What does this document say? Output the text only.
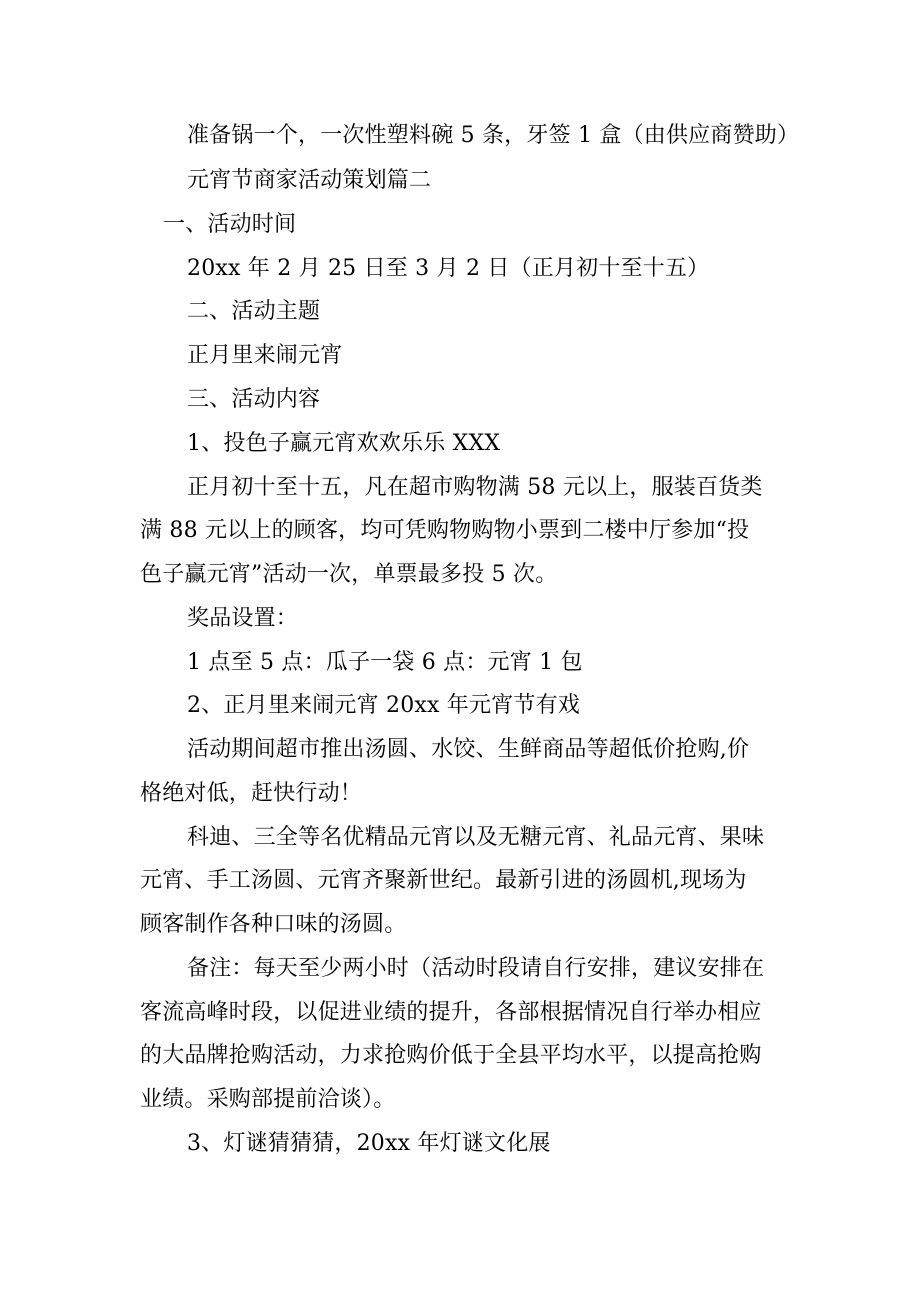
准备锅一个，一次性塑料碗 5 条，牙签 1 盒（由供应商赞助）
元宵节商家活动策划篇二
一、活动时间
20xx 年 2 月 25 日至 3 月 2 日（正月初十至十五）
二、活动主题
正月里来闹元宵
三、活动内容
1、投色子赢元宵欢欢乐乐 XXX
正月初十至十五，凡在超市购物满 58 元以上，服装百货类
满 88 元以上的顾客，均可凭购物购物小票到二楼中厅参加“投
色子赢元宵”活动一次，单票最多投 5 次。
奖品设置：
1 点至 5 点：瓜子一袋 6 点：元宵 1 包
2、正月里来闹元宵 20xx 年元宵节有戏
活动期间超市推出汤圆、水饺、生鲜商品等超低价抢购,价
格绝对低，赶快行动！
科迪、三全等名优精品元宵以及无糖元宵、礼品元宵、果味
元宵、手工汤圆、元宵齐聚新世纪。最新引进的汤圆机,现场为
顾客制作各种口味的汤圆。
备注：每天至少两小时（活动时段请自行安排，建议安排在
客流高峰时段，以促进业绩的提升，各部根据情况自行举办相应
的大品牌抢购活动，力求抢购价低于全县平均水平，以提高抢购
业绩。采购部提前洽谈）。
3、灯谜猜猜猜，20xx 年灯谜文化展
